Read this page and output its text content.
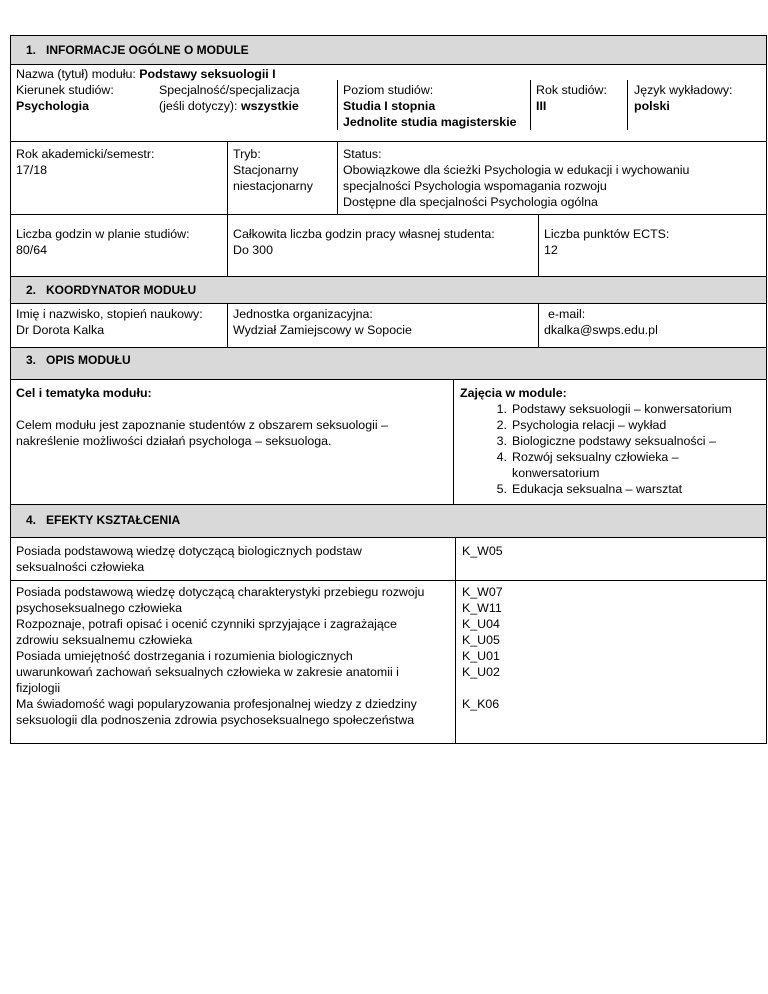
1. INFORMACJE OGÓLNE O MODULE
Nazwa (tytuł) modułu: Podstawy seksuologii I
Kierunek studiów:
Psychologia
Specjalność/specjalizacja
(jeśli dotyczy): wszystkie
Poziom studiów:
Studia I stopnia
Jednolite studia magisterskie
Rok studiów:
III
Język wykładowy:
polski
Rok akademicki/semestr:
17/18
Tryb:
Stacjonarny
niestacjonarny
Status:
Obowiązkowe dla ścieżki Psychologia w edukacji i wychowaniu
specjalności Psychologia wspomagania rozwoju
Dostępne dla specjalności Psychologia ogólna
Liczba godzin w planie studiów:
80/64
Całkowita liczba godzin pracy własnej studenta:
Do 300
Liczba punktów ECTS:
12
2. KOORDYNATOR MODUŁU
Imię i nazwisko, stopień naukowy:
Dr Dorota Kalka
Jednostka organizacyjna:
Wydział Zamiejscowy w Sopocie
e-mail:
dkalka@swps.edu.pl
3. OPIS MODUŁU
Cel i tematyka modułu:
Celem modułu jest zapoznanie studentów z obszarem seksuologii –
nakreślenie możliwości działań psychologa – seksuologa.
Zajęcia w module:
1. Podstawy seksuologii – konwersatorium
2. Psychologia relacji – wykład
3. Biologiczne podstawy seksualności –
4. Rozwój seksualny człowieka –
konwersatorium
5. Edukacja seksualna – warsztat
4. EFEKTY KSZTAŁCENIA
Posiada podstawową wiedzę dotyczącą biologicznych podstaw
seksualności człowieka
K_W05
Posiada podstawową wiedzę dotyczącą charakterystyki przebiegu rozwoju
psychoseksualnego człowieka
Rozpoznaje, potrafi opisać i ocenić czynniki sprzyjające i zagrażające
zdrowiu seksualnemu człowieka
Posiada umiejętność dostrzegania i rozumienia biologicznych
uwarunkowań zachowań seksualnych człowieka w zakresie anatomii i
fizjologii
Ma świadomość wagi popularyzowania profesjonalnej wiedzy z dziedziny
seksuologii dla podnoszenia zdrowia psychoseksualnego społeczeństwa
K_W07
K_W11
K_U04
K_U05
K_U01
K_U02
K_K06
